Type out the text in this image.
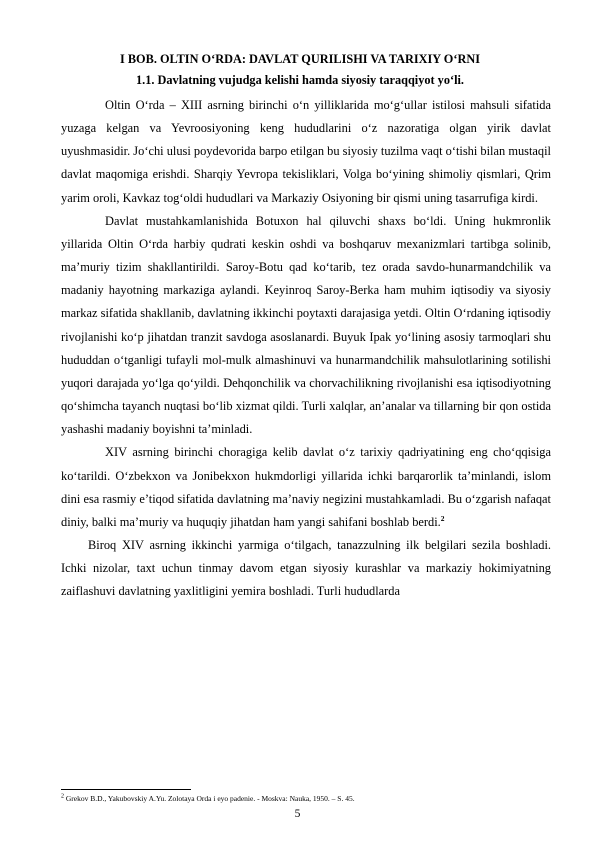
I BOB. OLTIN O‘RDA: DAVLAT QURILISHI VA TARIXIY O‘RNI
1.1. Davlatning vujudga kelishi hamda siyosiy taraqqiyot yo‘li.

Oltin O‘rda – XIII asrning birinchi o‘n yilliklarida mo‘g‘ullar istilosi mahsuli sifatida yuzaga kelgan va Yevroosiyoning keng hududlarini o‘z nazoratiga olgan yirik davlat uyushmasidir. Jo‘chi ulusi poydevorida barpo etilgan bu siyosiy tuzilma vaqt o‘tishi bilan mustaqil davlat maqomiga erishdi. Sharqiy Yevropa tekisliklari, Volga bo‘yining shimoliy qismlari, Qrim yarim oroli, Kavkaz tog‘oldi hududlari va Markaziy Osiyoning bir qismi uning tasarrufiga kirdi.

Davlat mustahkamlanishida Botuxon hal qiluvchi shaxs bo‘ldi. Uning hukmronlik yillarida Oltin O‘rda harbiy qudrati keskin oshdi va boshqaruv mexanizmlari tartibga solinib, ma’muriy tizim shakllantirildi. Saroy-Botu qad ko‘tarib, tez orada savdo-hunarmandchilik va madaniy hayotning markaziga aylandi. Keyinroq Saroy-Berka ham muhim iqtisodiy va siyosiy markaz sifatida shakllanib, davlatning ikkinchi poytaxti darajasiga yetdi. Oltin O‘rdaning iqtisodiy rivojlanishi ko‘p jihatdan tranzit savdoga asoslanardi. Buyuk Ipak yo‘lining asosiy tarmoqlari shu hududdan o‘tganligi tufayli mol-mulk almashinuvi va hunarmandchilik mahsulotlarining sotilishi yuqori darajada yo‘lga qo‘yildi. Dehqonchilik va chorvachilikning rivojlanishi esa iqtisodiyotning qo‘shimcha tayanch nuqtasi bo‘lib xizmat qildi. Turli xalqlar, an’analar va tillarning bir qon ostida yashashi madaniy boyishni ta’minladi.

XIV asrning birinchi choragiga kelib davlat o‘z tarixiy qadriyatining eng cho‘qqisiga ko‘tarildi. O‘zbekxon va Jonibekxon hukmdorligi yillarida ichki barqarorlik ta’minlandi, islom dini esa rasmiy e’tiqod sifatida davlatning ma’naviy negizini mustahkamladi. Bu o‘zgarish nafaqat diniy, balki ma’muriy va huquqiy jihatdan ham yangi sahifani boshlab berdi.$^2$

Biroq XIV asrning ikkinchi yarmiga o‘tilgach, tanazzulning ilk belgilari sezila boshladi. Ichki nizolar, taxt uchun tinmay davom etgan siyosiy kurashlar va markaziy hokimiyatning zaiflashuvi davlatning yaxlitligini yemira boshladi. Turli hududlarda

$^2$ Grekov B.D., Yakubovskiy A.Yu. Zolotaya Orda i eyo padenie. - Moskva: Nauka, 1950. – S. 45.
5
